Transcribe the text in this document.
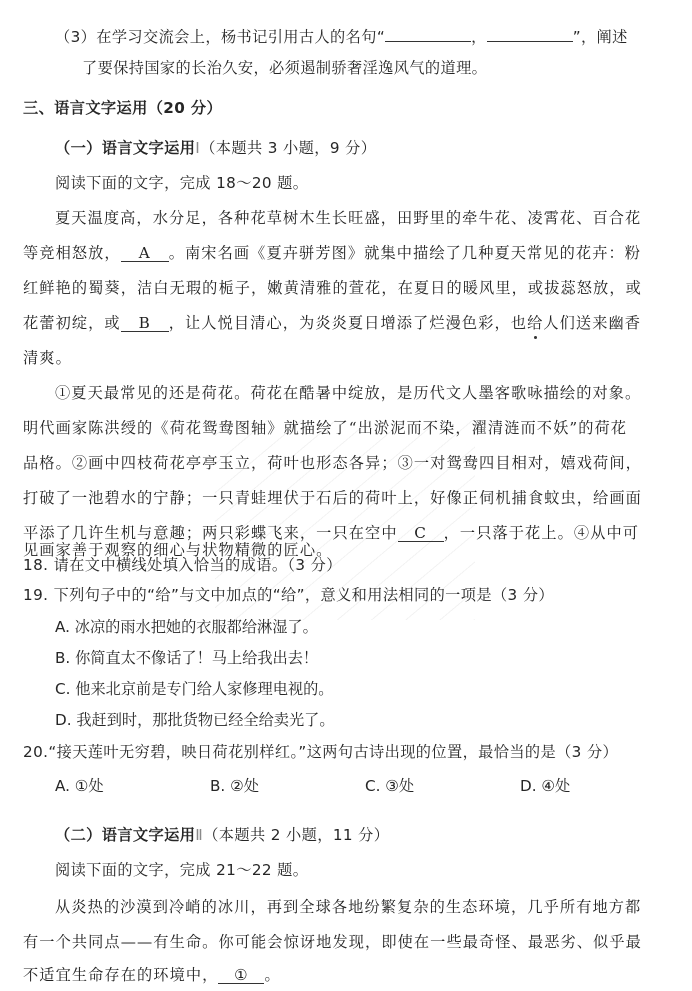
（3）在学习交流会上，杨书记引用古人的名句“	，	”，阐述
了要保持国家的长治久安，必须遏制骄奢淫逸风气的道理。
三、语言文字运用（20 分）
（一）语言文字运用Ⅰ（本题共 3 小题，9 分）
阅读下面的文字，完成 18～20 题。
夏天温度高，水分足，各种花草树木生长旺盛，田野里的牵牛花、凌霄花、百合花
等竞相怒放， A 。南宋名画《夏卉骈芳图》就集中描绘了几种夏天常见的花卉：粉
红鲜艳的蜀葵，洁白无瑕的栀子，嫩黄清雅的萱花，在夏日的暖风里，或拔蕊怒放，或
花蕾初绽，或 B ，让人悦目清心，为炎炎夏日增添了烂漫色彩，也给人们送来幽香
清爽。
①夏天最常见的还是荷花。荷花在酷暑中绽放，是历代文人墨客歌咏描绘的对象。
明代画家陈洪绶的《荷花鸳鸯图轴》就描绘了“出淤泥而不染，濯清涟而不妖”的荷花
品格。②画中四枝荷花亭亭玉立，荷叶也形态各异；③一对鸳鸯四目相对，嬉戏荷间，
打破了一池碧水的宁静；一只青蛙埋伏于石后的荷叶上，好像正伺机捕食蚊虫，给画面
平添了几许生机与意趣；两只彩蝶飞来，一只在空中 C ，一只落于花上。④从中可
见画家善于观察的细心与状物精微的匠心。
18. 请在文中横线处填入恰当的成语。（3 分）
19. 下列句子中的“给”与文中加点的“给”，意义和用法相同的一项是（3 分）
A. 冰凉的雨水把她的衣服都给淋湿了。
B. 你简直太不像话了！马上给我出去！
C. 他来北京前是专门给人家修理电视的。
D. 我赶到时，那批货物已经全给卖光了。
20.“接天莲叶无穷碧，映日荷花别样红。”这两句古诗出现的位置，最恰当的是（3 分）
A. ①处	B. ②处	C. ③处	D. ④处
（二）语言文字运用Ⅱ（本题共 2 小题，11 分）
阅读下面的文字，完成 21～22 题。
从炎热的沙漠到冷峭的冰川，再到全球各地纷繁复杂的生态环境，几乎所有地方都
有一个共同点——有生命。你可能会惊讶地发现，即使在一些最奇怪、最恶劣、似乎最
不适宜生命存在的环境中， ① 。
